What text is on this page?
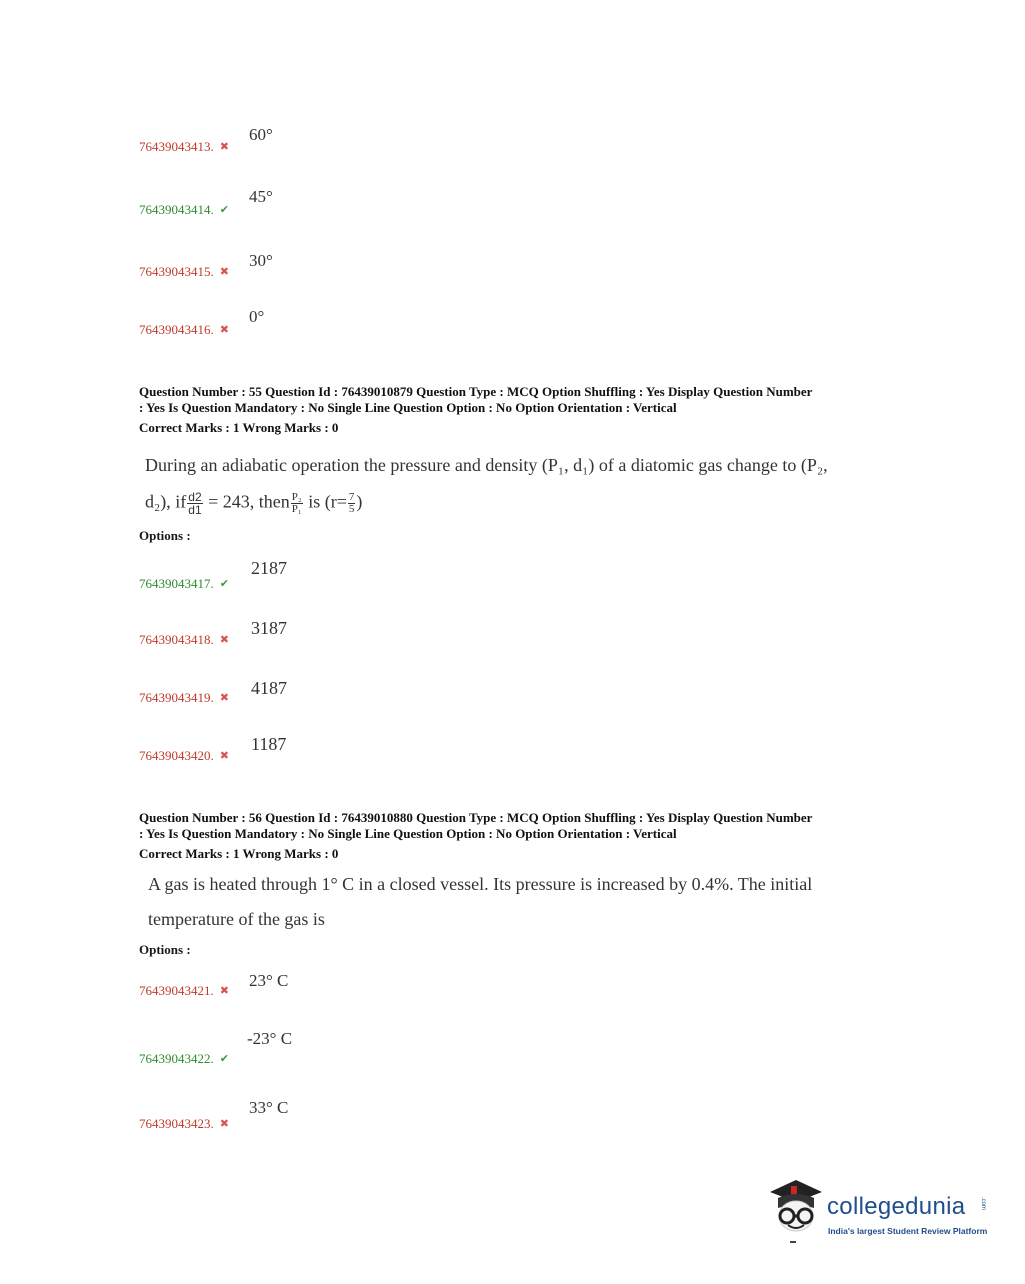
76439043413. ✖
60°
76439043414. ✔
45°
76439043415. ✖
30°
76439043416. ✖
0°
Question Number : 55 Question Id : 76439010879 Question Type : MCQ Option Shuffling : Yes Display Question Number
: Yes Is Question Mandatory : No Single Line Question Option : No Option Orientation : Vertical
Correct Marks : 1 Wrong Marks : 0
During an adiabatic operation the pressure and density (P₁, d₁) of a diatomic gas change to (P₂,
d₂), if $\frac{d2}{d1} = 243$, then $\frac{\text{P₂}}{\text{P₁}}$ is ($r= \frac{7}{5}$ )
Options :
76439043417. ✔
2187
76439043418. ✖
3187
76439043419. ✖ 4187
76439043420. ✖
1187
Question Number : 56 Question Id : 76439010880 Question Type : MCQ Option Shuffling : Yes Display Question Number
: Yes Is Question Mandatory : No Single Line Question Option : No Option Orientation : Vertical
Correct Marks : 1 Wrong Marks : 0
A gas is heated through 1° C in a closed vessel. Its pressure is increased by 0.4%. The initial
temperature of the gas is
Options :
76439043421. ✖
23° C
76439043422. ✔
-23° C
76439043423. ✖
33° C
collegedunia .com
India's largest Student Review Platform
